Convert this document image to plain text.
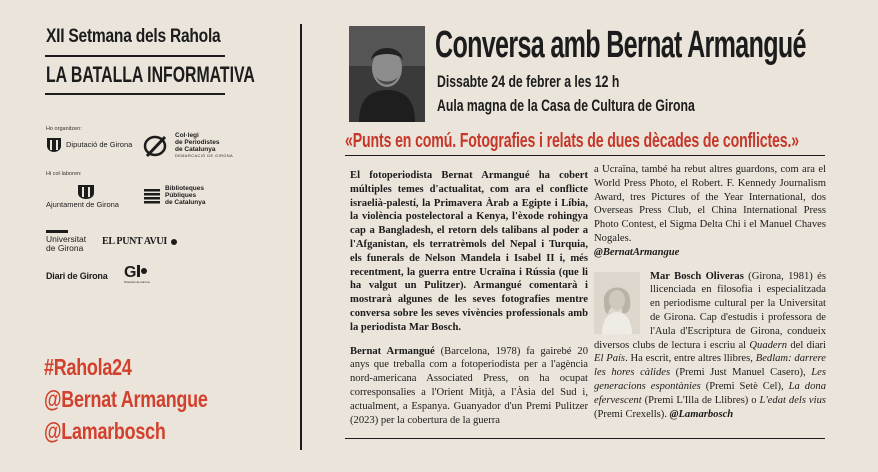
XII Setmana dels Rahola
LA BATALLA INFORMATIVA
Ho organitzen:
Diputació de Girona
Col·legi
de Periodistes
de Catalunya
DEMARCACIÓ DE GIRONA
Hi col·laboren:
Ajuntament de Girona
Biblioteques
Públiques
de Catalunya
Universitat
de Girona
EL PUNT AVUI
Diari de Girona G
Televisió de Girona
#Rahola24
@Bernat Armangue
@Lamarbosch
Conversa amb Bernat Armangué
Dissabte 24 de febrer a les 12 h
Aula magna de la Casa de Cultura de Girona
«Punts en comú. Fotografies i relats de dues dècades de conflictes.»

El fotoperiodista Bernat Armangué ha cobert múltiples temes d'actualitat, com ara el conflicte israelià-palestí, la Primavera Àrab a Egipte i Líbia, la violència postelectoral a Kenya, l'èxode rohingya cap a Bangladesh, el retorn dels talibans al poder a l'Afganistan, els terratrèmols del Nepal i Turquia, els funerals de Nelson Mandela i Isabel II i, més recentment, la guerra entre Ucraïna i Rússia (que li ha valgut un Pulitzer). Armangué comentarà i mostrarà algunes de les seves fotografies mentre conversa sobre les seves vivències professionals amb la periodista Mar Bosch.

Bernat Armangué (Barcelona, 1978) fa gairebé 20 anys que treballa com a fotoperiodista per a l'agència nord-americana Associated Press, on ha ocupat corresponsalies a l'Orient Mitjà, a l'Àsia del Sud i, actualment, a Espanya. Guanyador d'un Premi Pulitzer (2023) per la cobertura de la guerra

a Ucraïna, també ha rebut altres guardons, com ara el World Press Photo, el Robert. F. Kennedy Journalism Award, tres Pictures of the Year International, dos Overseas Press Club, el China International Press Photo Contest, el Sigma Delta Chi i el Manuel Chaves Nogales.

@BernatArmangue

Mar Bosch Oliveras (Girona, 1981) és llicenciada en filosofia i especialitzada en periodisme cultural per la Universitat de Girona. Cap d'estudis i professora de l'Aula d'Escriptura de Girona, condueix diversos clubs de lectura i escriu al Quadern del diari El País. Ha escrit, entre altres llibres, Bedlam: darrere les hores càlides (Premi Just Manuel Casero), Les generacions espontànies (Premi Setè Cel), La dona efervescent (Premi L'Illa de Llibres) o L'edat dels vius (Premi Crexells). @Lamarbosch
